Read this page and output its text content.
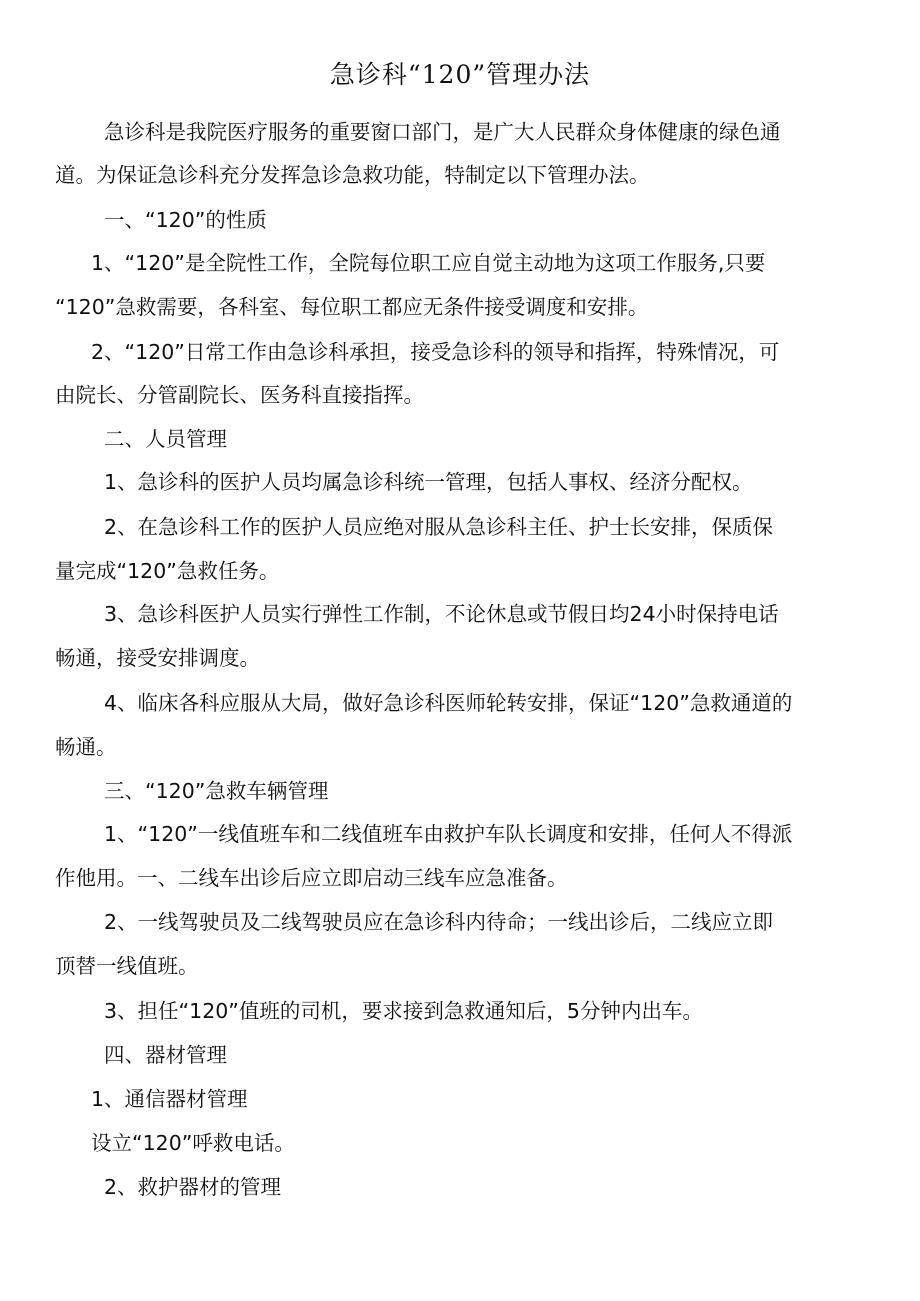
急诊科“120”管理办法
急诊科是我院医疗服务的重要窗口部门，是广大人民群众身体健康的绿色通
道。为保证急诊科充分发挥急诊急救功能，特制定以下管理办法。
一、“120”的性质
1、“120”是全院性工作，全院每位职工应自觉主动地为这项工作服务,只要
“120”急救需要，各科室、每位职工都应无条件接受调度和安排。
2、“120”日常工作由急诊科承担，接受急诊科的领导和指挥，特殊情况，可
由院长、分管副院长、医务科直接指挥。
二、人员管理
1、急诊科的医护人员均属急诊科统一管理，包括人事权、经济分配权。
2、在急诊科工作的医护人员应绝对服从急诊科主任、护士长安排，保质保
量完成“120”急救任务。
3、急诊科医护人员实行弹性工作制，不论休息或节假日均24小时保持电话
畅通，接受安排调度。
4、临床各科应服从大局，做好急诊科医师轮转安排，保证“120”急救通道的
畅通。
三、“120”急救车辆管理
1、“120”一线值班车和二线值班车由救护车队长调度和安排，任何人不得派
作他用。一、二线车出诊后应立即启动三线车应急准备。
2、一线驾驶员及二线驾驶员应在急诊科内待命；一线出诊后，二线应立即
顶替一线值班。
3、担任“120”值班的司机，要求接到急救通知后，5分钟内出车。
四、器材管理
1、通信器材管理
设立“120”呼救电话。
2、救护器材的管理
